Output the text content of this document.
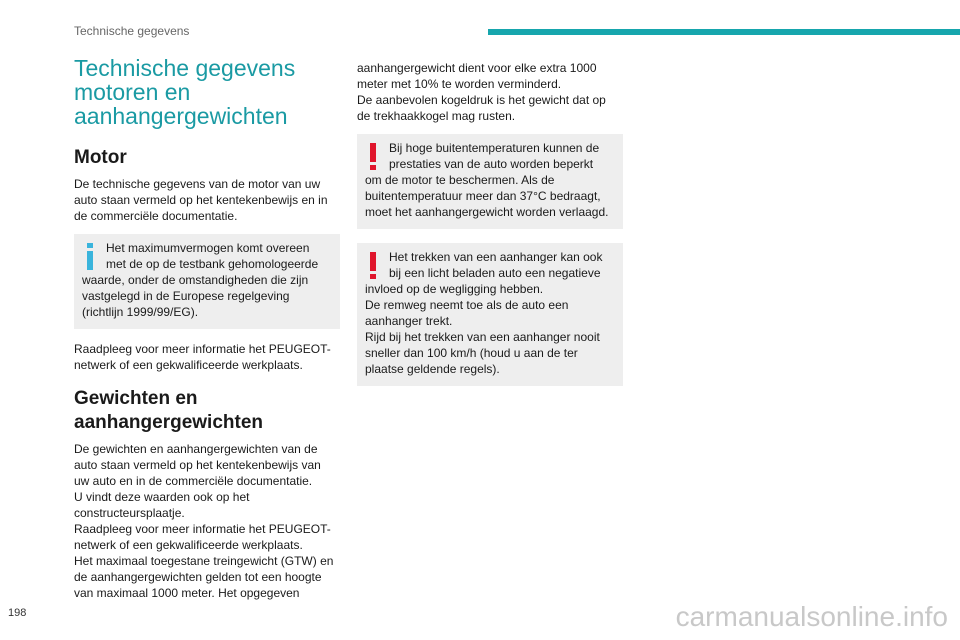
Technische gegevens
Technische gegevens
motoren en
aanhangergewichten
Motor

De technische gegevens van de motor van uw
auto staan vermeld op het kentekenbewijs en in
de commerciële documentatie.

Het maximumvermogen komt overeen
met de op de testbank gehomologeerde
waarde, onder de omstandigheden die zijn
vastgelegd in de Europese regelgeving
(richtlijn 1999/99/EG).

Raadpleeg voor meer informatie het PEUGEOT-
netwerk of een gekwalificeerde werkplaats.

Gewichten en
aanhangergewichten

De gewichten en aanhangergewichten van de
auto staan vermeld op het kentekenbewijs van
uw auto en in de commerciële documentatie.
U vindt deze waarden ook op het
constructeursplaatje.
Raadpleeg voor meer informatie het PEUGEOT-
netwerk of een gekwalificeerde werkplaats.
Het maximaal toegestane treingewicht (GTW) en
de aanhangergewichten gelden tot een hoogte
van maximaal 1000 meter. Het opgegeven

aanhangergewicht dient voor elke extra 1000
meter met 10% te worden verminderd.
De aanbevolen kogeldruk is het gewicht dat op
de trekhaakkogel mag rusten.

Bij hoge buitentemperaturen kunnen de
prestaties van de auto worden beperkt
om de motor te beschermen. Als de
buitentemperatuur meer dan 37°C bedraagt,
moet het aanhangergewicht worden verlaagd.

Het trekken van een aanhanger kan ook
bij een licht beladen auto een negatieve
invloed op de wegligging hebben.
De remweg neemt toe als de auto een
aanhanger trekt.
Rijd bij het trekken van een aanhanger nooit
sneller dan 100 km/h (houd u aan de ter
plaatse geldende regels).

198	carmanualsonline.info
